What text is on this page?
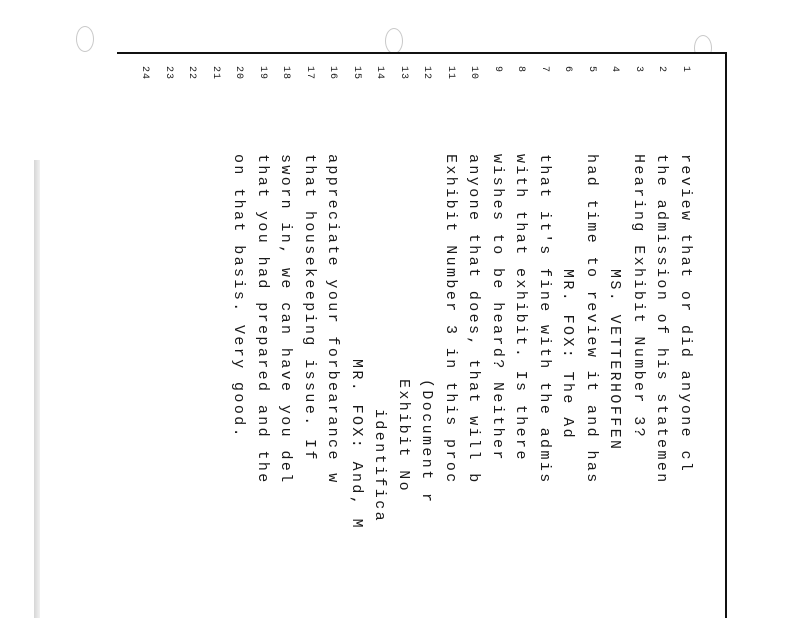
1
review that or did anyone cl
2
the admission of his statemen
3
Hearing Exhibit Number 3?
4
MS. VETTERHOFFEN
5
had time to review it and has
6
MR. FOX: The Ad
7
that it's fine with the admis
8
with that exhibit. Is there
9
wishes to be heard? Neither
10
anyone that does, that will b
11
Exhibit Number 3 in this proc
12
(Document r
13
Exhibit No
14
identifica
15
MR. FOX: And, M
16
appreciate your forbearance w
17
that housekeeping issue. If
18
sworn in, we can have you del
19
that you had prepared and the
20
on that basis. Very good.
21
22
23
24
